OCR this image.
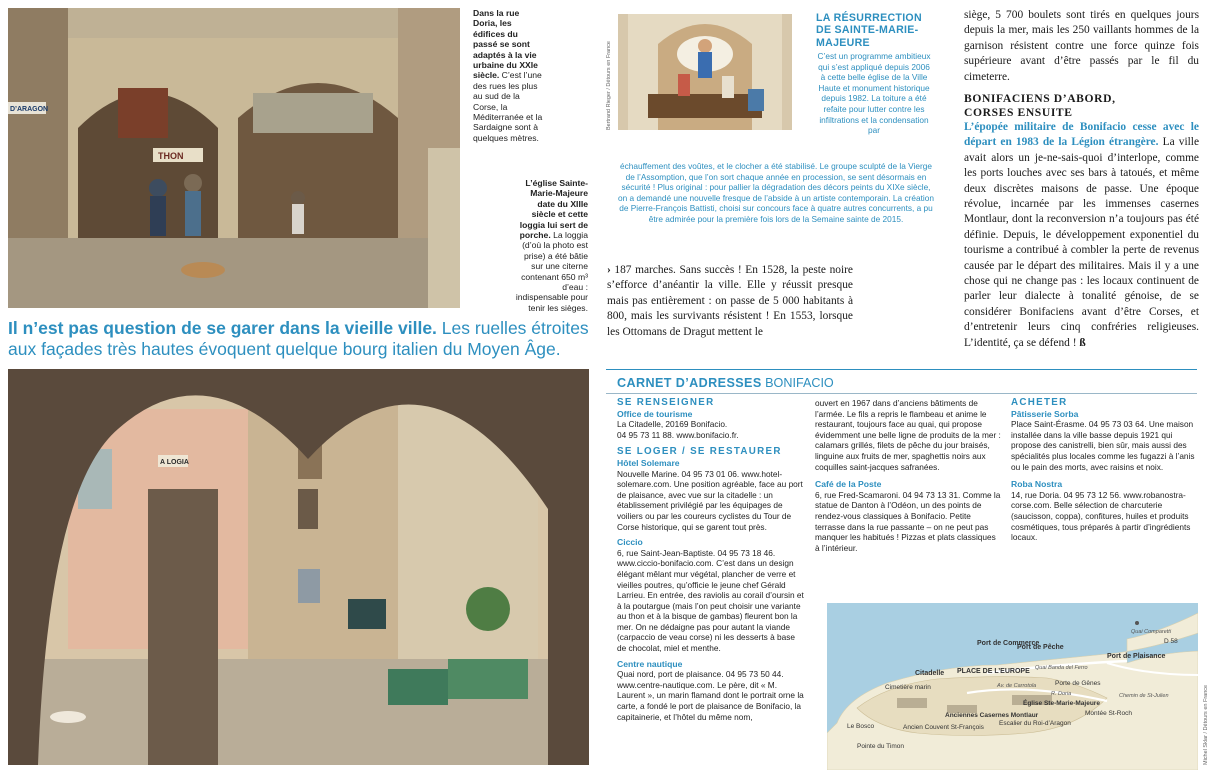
THON
D’ARAGON
Dans la rue Doria, les édifices du passé se sont adaptés à la vie urbaine du XXIe siècle. C’est l’une des rues les plus au sud de la Corse, la Méditerranée et la Sardaigne sont à quelques mètres.
L’église Sainte-Marie-Majeure date du XIIIe siècle et cette loggia lui sert de porche. La loggia (d’où la photo est prise) a été bâtie sur une citerne contenant 650 m³ d’eau : indispensable pour tenir les sièges.
Il n’est pas question de se garer dans la vieille ville. Les ruelles étroites aux façades très hautes évoquent quelque bourg italien du Moyen Âge.
A LOGIA
Bertrand Rieger / Détours en France
LA RÉSURRECTION DE SAINTE-MARIE-MAJEURE
C’est un programme ambitieux qui s’est appliqué depuis 2006 à cette belle église de la Ville Haute et monument historique depuis 1982. La toiture a été refaite pour lutter contre les infiltrations et la condensation par
échauffement des voûtes, et le clocher a été stabilisé. Le groupe sculpté de la Vierge de l’Assomption, que l’on sort chaque année en procession, se sent désormais en sécurité ! Plus original : pour pallier la dégradation des décors peints du XIXe siècle, on a demandé une nouvelle fresque de l’abside à un artiste contemporain. La création de Pierre-François Battisti, choisi sur concours face à quatre autres concurrents, a pu être admirée pour la première fois lors de la Semaine sainte de 2015.
› 187 marches. Sans succès ! En 1528, la peste noire s’efforce d’anéantir la ville. Elle y réussit presque mais pas entièrement : on passe de 5 000 habitants à 800, mais les survivants résistent ! En 1553, lorsque les Ottomans de Dragut mettent le
siège, 5 700 boulets sont tirés en quelques jours depuis la mer, mais les 250 vaillants hommes de la garnison résistent contre une force quinze fois supérieure avant d’être passés par le fil du cimeterre.
BONIFACIENS D’ABORD,
CORSES ENSUITE
L’épopée militaire de Bonifacio cesse avec le départ en 1983 de la Légion étrangère. La ville avait alors un je-ne-sais-quoi d’interlope, comme les ports louches avec ses bars à tatoués, et même deux discrètes maisons de passe. Une époque révolue, incarnée par les immenses casernes Montlaur, dont la reconversion n’a toujours pas été définie. Depuis, le développement exponentiel du tourisme a contribué à combler la perte de revenus causée par le départ des militaires. Mais il y a une chose qui ne change pas : les locaux continuent de parler leur dialecte à tonalité génoise, de se considérer Bonifaciens avant d’être Corses, et d’entretenir leurs cinq confréries religieuses. L’identité, ça se défend ! ß
CARNET D’ADRESSES BONIFACIO
SE RENSEIGNER
Office de tourisme
La Citadelle, 20169 Bonifacio.
04 95 73 11 88. www.bonifacio.fr.
SE LOGER / SE RESTAURER
Hôtel Solemare
Nouvelle Marine. 04 95 73 01 06. www.hotel-solemare.com. Une position agréable, face au port de plaisance, avec vue sur la citadelle : un établissement privilégié par les équipages de voiliers ou par les coureurs cyclistes du Tour de Corse historique, qui se garent tout près.
Ciccio
6, rue Saint-Jean-Baptiste. 04 95 73 18 46. www.ciccio-bonifacio.com. C’est dans un design élégant mêlant mur végétal, plancher de verre et vieilles poutres, qu’officie le jeune chef Gérald Larrieu. En entrée, des raviolis au corail d’oursin et à la poutargue (mais l’on peut choisir une variante au thon et à la bisque de gambas) fleurent bon la mer. On ne dédaigne pas pour autant la viande (carpaccio de veau corse) ni les desserts à base de chocolat, miel et menthe.
Centre nautique
Quai nord, port de plaisance. 04 95 73 50 44. www.centre-nautique.com. Le père, dit « M. Laurent », un marin flamand dont le portrait orne la carte, a fondé le port de plaisance de Bonifacio, la capitainerie, et l’hôtel du même nom,
ouvert en 1967 dans d’anciens bâtiments de l’armée. Le fils a repris le flambeau et anime le restaurant, toujours face au quai, qui propose évidemment une belle ligne de produits de la mer : calamars grillés, filets de pêche du jour braisés, linguine aux fruits de mer, spaghettis noirs aux coquilles saint-jacques safranées.
Café de la Poste
6, rue Fred-Scamaroni. 04 94 73 13 31. Comme la statue de Danton à l’Odéon, un des points de rendez-vous classiques à Bonifacio. Petite terrasse dans la rue passante – on ne peut pas manquer les habitués ! Pizzas et plats classiques à l’intérieur.
ACHETER
Pâtisserie Sorba
Place Saint-Érasme. 04 95 73 03 64. Une maison installée dans la ville basse depuis 1921 qui propose des canistrelli, bien sûr, mais aussi des spécialités plus locales comme les fugazzi à l’anis ou le pain des morts, avec raisins et noix.
Roba Nostra
14, rue Doria. 04 95 73 12 56. www.robanostra-corse.com. Belle sélection de charcuterie (saucisson, coppa), confitures, huiles et produits cosmétiques, tous préparés à partir d’ingrédients locaux.
Port de Commerce
Port de Pêche
Port de Plaisance
D 58
Citadelle PLACE DE L’EUROPE
Cimetière marin
Porte de Gênes
Église Ste-Marie-Majeure
Montée St-Roch
Chemin de St-Julien
Le Bosco	Ancien Couvent St-François
Anciennes Casernes Montlaur
Escalier du Roi-d’Aragon
Pointe du Timon
Quai Comparetti
Quai Banda del Ferro
Av. de Carrotola
R. Doria	Michel Sklar / Détours en France
